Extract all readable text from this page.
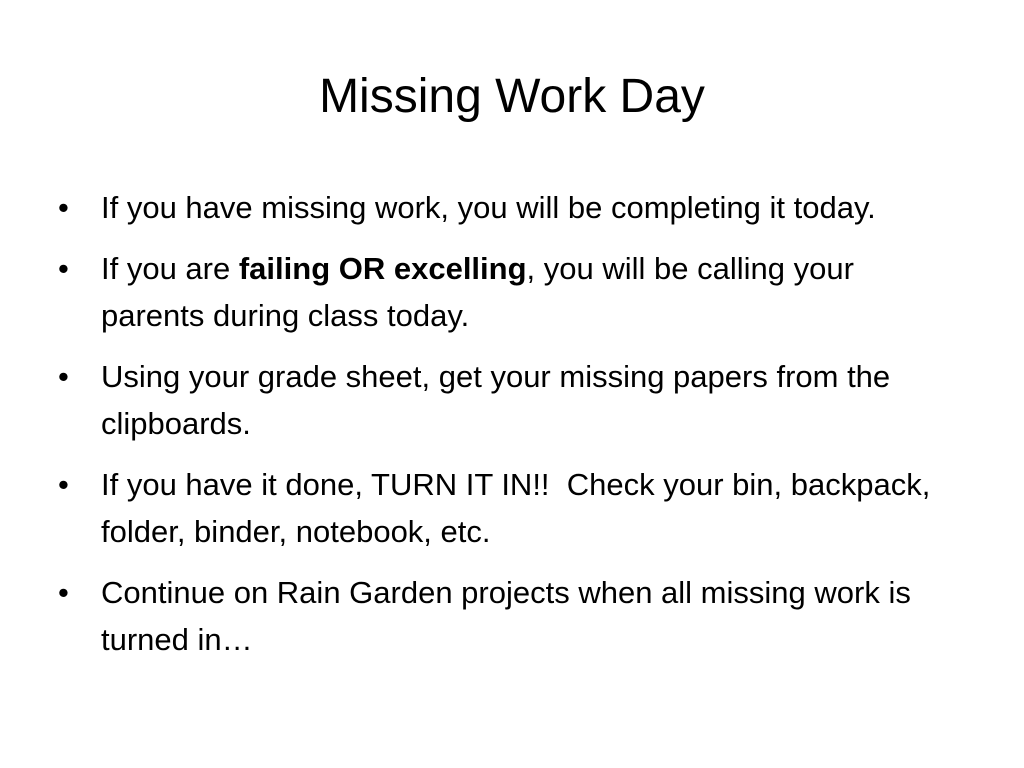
Missing Work Day
• If you have missing work, you will be completing it today.
• If you are failing OR excelling, you will be calling your parents during class today.
• Using your grade sheet, get your missing papers from the clipboards.
• If you have it done, TURN IT IN!!  Check your bin, backpack, folder, binder, notebook, etc.
• Continue on Rain Garden projects when all missing work is turned in…
